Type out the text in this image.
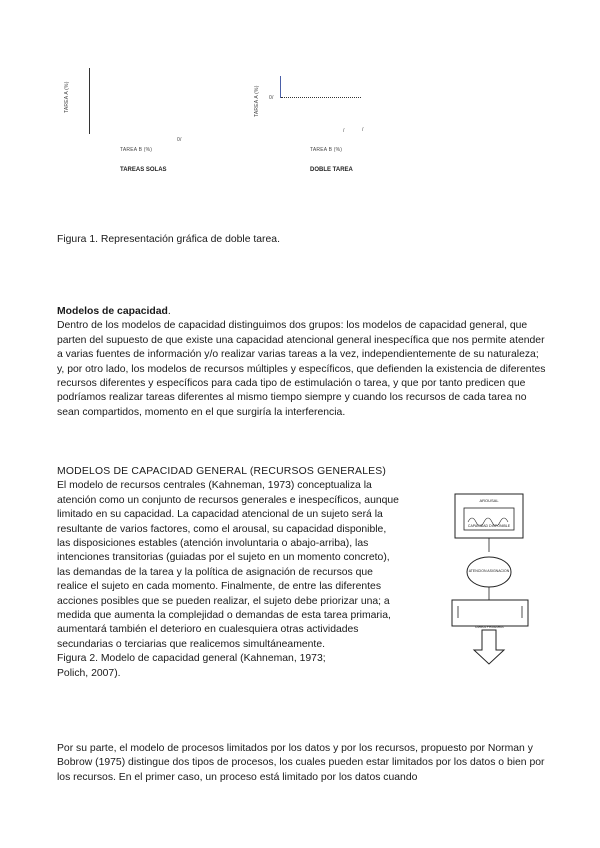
TAREA A (%)
0/
TAREA B (%)
TAREAS SOLAS
TAREA A (%) 0/
/	/
TAREA B (%)
DOBLE TAREA
Figura 1. Representación gráfica de doble tarea.
Modelos de capacidad.

Dentro de los modelos de capacidad distinguimos dos grupos: los modelos de capacidad general, que parten del supuesto de que existe una capacidad atencional general inespecífica que nos permite atender a varias fuentes de información y/o realizar varias tareas a la vez, independientemente de su naturaleza; y, por otro lado, los modelos de recursos múltiples y específicos, que defienden la existencia de diferentes recursos diferentes y específicos para cada tipo de estimulación o tarea, y que por tanto predicen que podríamos realizar tareas diferentes al mismo tiempo siempre y cuando los recursos de cada tarea no sean compartidos, momento en el que surgiría la interferencia.

MODELOS DE CAPACIDAD GENERAL (RECURSOS GENERALES)

El modelo de recursos centrales (Kahneman, 1973) conceptualiza la atención como un conjunto de recursos generales e inespecíficos, aunque limitado en su capacidad. La capacidad atencional de un sujeto será la resultante de varios factores, como el arousal, su capacidad disponible, las disposiciones estables (atención involuntaria o abajo-arriba), las intenciones transitorias (guiadas por el sujeto en un momento concreto), las demandas de la tarea y la política de asignación de recursos que realice el sujeto en cada momento. Finalmente, de entre las diferentes acciones posibles que se pueden realizar, el sujeto debe priorizar una; a medida que aumenta la complejidad o demandas de esta tarea primaria, aumentará también el deterioro en cualesquiera otras actividades secundarias o terciarias que realicemos simultáneamente.

Figura 2. Modelo de capacidad general (Kahneman, 1973; Polich, 2007).

AROUSAL
CAPACIDAD DISPONIBLE
ATENCION ASIGNACION
TAREA PRIMARIA

Por su parte, el modelo de procesos limitados por los datos y por los recursos, propuesto por Norman y Bobrow (1975) distingue dos tipos de procesos, los cuales pueden estar limitados por los datos o bien por los recursos. En el primer caso, un proceso está limitado por los datos cuando
